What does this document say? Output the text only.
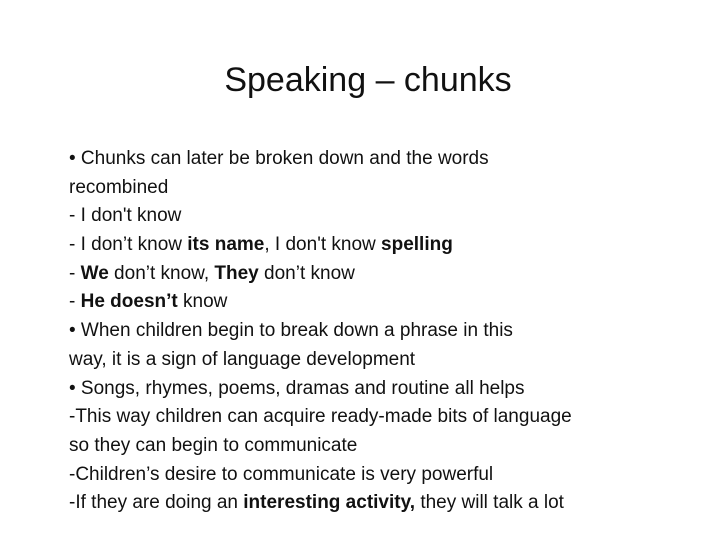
Speaking – chunks
• Chunks can later be broken down and the words
recombined
- I don't know
- I don’t know its name, I don't know spelling
- We don’t know, They don’t know
- He doesn’t know
• When children begin to break down a phrase in this
way, it is a sign of language development
• Songs, rhymes, poems, dramas and routine all helps
-This way children can acquire ready-made bits of language
so they can begin to communicate
-Children’s desire to communicate is very powerful
-If they are doing an interesting activity, they will talk a lot
